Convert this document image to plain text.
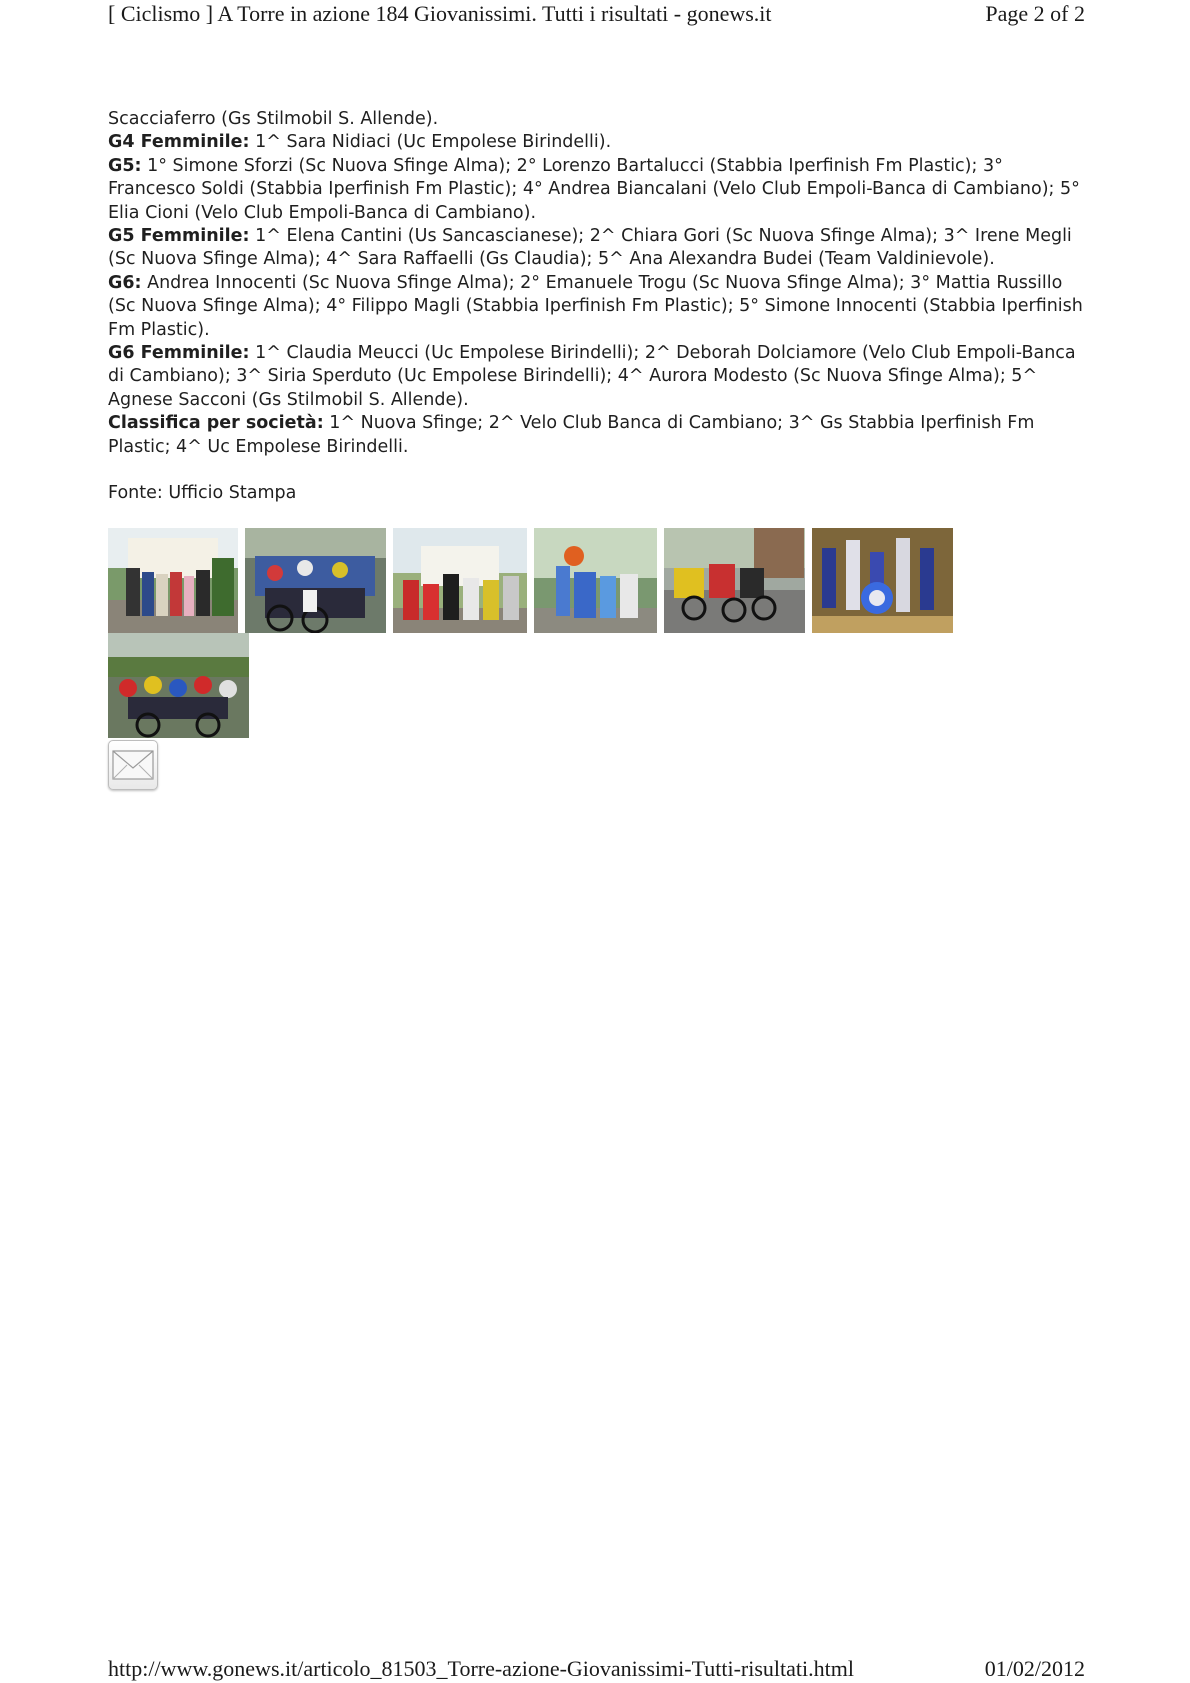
[ Ciclismo ] A Torre in azione 184 Giovanissimi. Tutti i risultati - gonews.it	Page 2 of 2

Scacciaferro (Gs Stilmobil S. Allende).

G4 Femminile: 1^ Sara Nidiaci (Uc Empolese Birindelli).

G5: 1° Simone Sforzi (Sc Nuova Sfinge Alma); 2° Lorenzo Bartalucci (Stabbia Iperfinish Fm Plastic); 3° Francesco Soldi (Stabbia Iperfinish Fm Plastic); 4° Andrea Biancalani (Velo Club Empoli-Banca di Cambiano); 5° Elia Cioni (Velo Club Empoli-Banca di Cambiano).

G5 Femminile: 1^ Elena Cantini (Us Sancascianese); 2^ Chiara Gori (Sc Nuova Sfinge Alma); 3^ Irene Megli (Sc Nuova Sfinge Alma); 4^ Sara Raffaelli (Gs Claudia); 5^ Ana Alexandra Budei (Team Valdinievole).

G6: Andrea Innocenti (Sc Nuova Sfinge Alma); 2° Emanuele Trogu (Sc Nuova Sfinge Alma); 3° Mattia Russillo (Sc Nuova Sfinge Alma); 4° Filippo Magli (Stabbia Iperfinish Fm Plastic); 5° Simone Innocenti (Stabbia Iperfinish Fm Plastic).

G6 Femminile: 1^ Claudia Meucci (Uc Empolese Birindelli); 2^ Deborah Dolciamore (Velo Club Empoli-Banca di Cambiano); 3^ Siria Sperduto (Uc Empolese Birindelli); 4^ Aurora Modesto (Sc Nuova Sfinge Alma); 5^ Agnese Sacconi (Gs Stilmobil S. Allende).

Classifica per società: 1^ Nuova Sfinge; 2^ Velo Club Banca di Cambiano; 3^ Gs Stabbia Iperfinish Fm Plastic; 4^ Uc Empolese Birindelli.

Fonte: Ufficio Stampa

http://www.gonews.it/articolo_81503_Torre-azione-Giovanissimi-Tutti-risultati.html	01/02/2012
